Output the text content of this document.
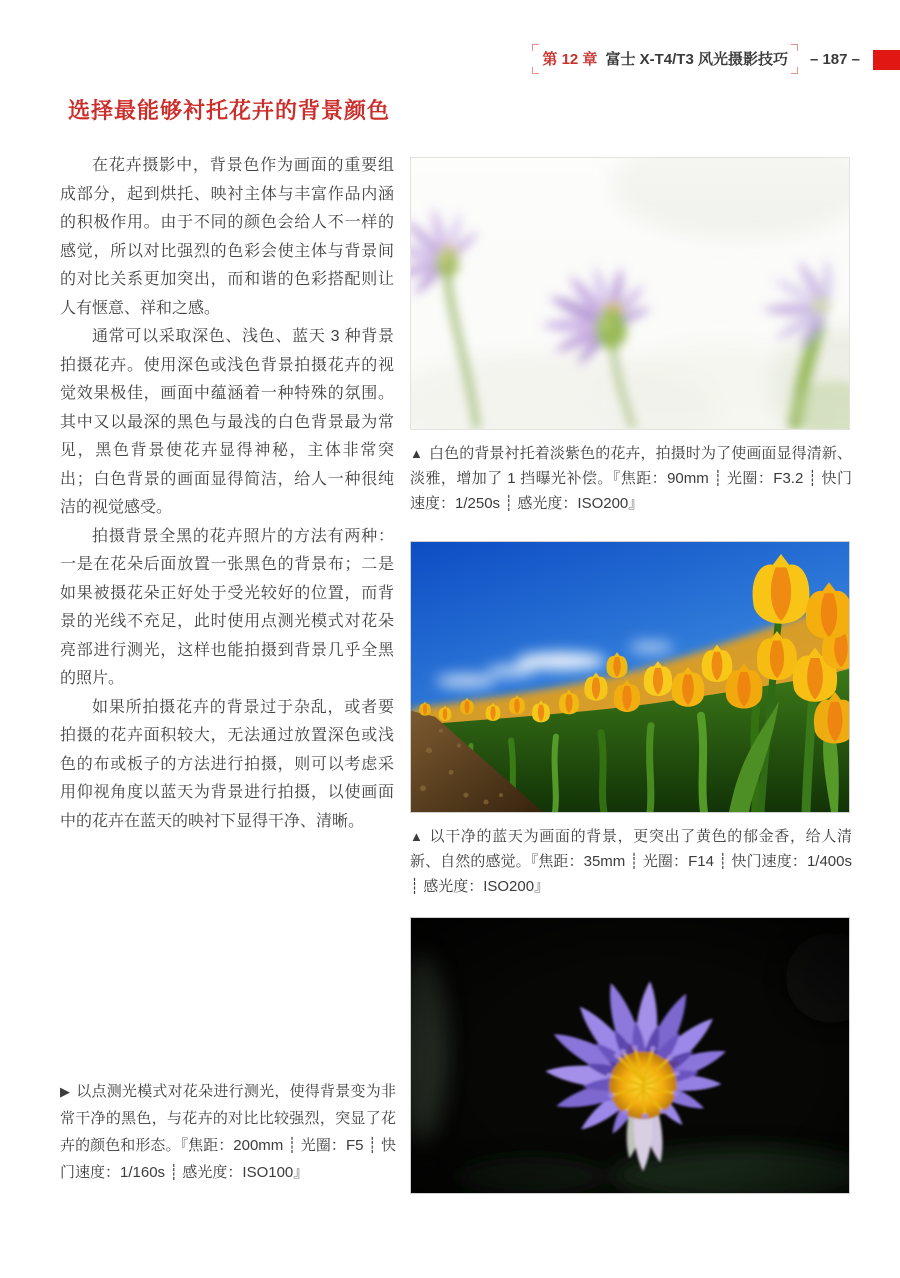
第 12 章 富士 X-T4/T3 风光摄影技巧	– 187 –
选择最能够衬托花卉的背景颜色

在花卉摄影中，背景色作为画面的重要组成部分，起到烘托、映衬主体与丰富作品内涵的积极作用。由于不同的颜色会给人不一样的感觉，所以对比强烈的色彩会使主体与背景间的对比关系更加突出，而和谐的色彩搭配则让人有惬意、祥和之感。

通常可以采取深色、浅色、蓝天 3 种背景拍摄花卉。使用深色或浅色背景拍摄花卉的视觉效果极佳，画面中蕴涵着一种特殊的氛围。其中又以最深的黑色与最浅的白色背景最为常见，黑色背景使花卉显得神秘，主体非常突出；白色背景的画面显得简洁，给人一种很纯洁的视觉感受。

拍摄背景全黑的花卉照片的方法有两种：一是在花朵后面放置一张黑色的背景布；二是如果被摄花朵正好处于受光较好的位置，而背景的光线不充足，此时使用点测光模式对花朵亮部进行测光，这样也能拍摄到背景几乎全黑的照片。

如果所拍摄花卉的背景过于杂乱，或者要拍摄的花卉面积较大，无法通过放置深色或浅色的布或板子的方法进行拍摄，则可以考虑采用仰视角度以蓝天为背景进行拍摄，以使画面中的花卉在蓝天的映衬下显得干净、清晰。

▲ 白色的背景衬托着淡紫色的花卉，拍摄时为了使画面显得清新、淡雅，增加了 1 挡曝光补偿。『焦距：90mm ┊ 光圈：F3.2 ┊ 快门速度：1/250s ┊ 感光度：ISO200』

▲ 以干净的蓝天为画面的背景，更突出了黄色的郁金香，给人清新、自然的感觉。『焦距：35mm ┊ 光圈：F14 ┊ 快门速度：1/400s ┊ 感光度：ISO200』

▶ 以点测光模式对花朵进行测光，使得背景变为非常干净的黑色，与花卉的对比比较强烈，突显了花卉的颜色和形态。『焦距：200mm ┊ 光圈：F5 ┊ 快门速度：1/160s ┊ 感光度：ISO100』
